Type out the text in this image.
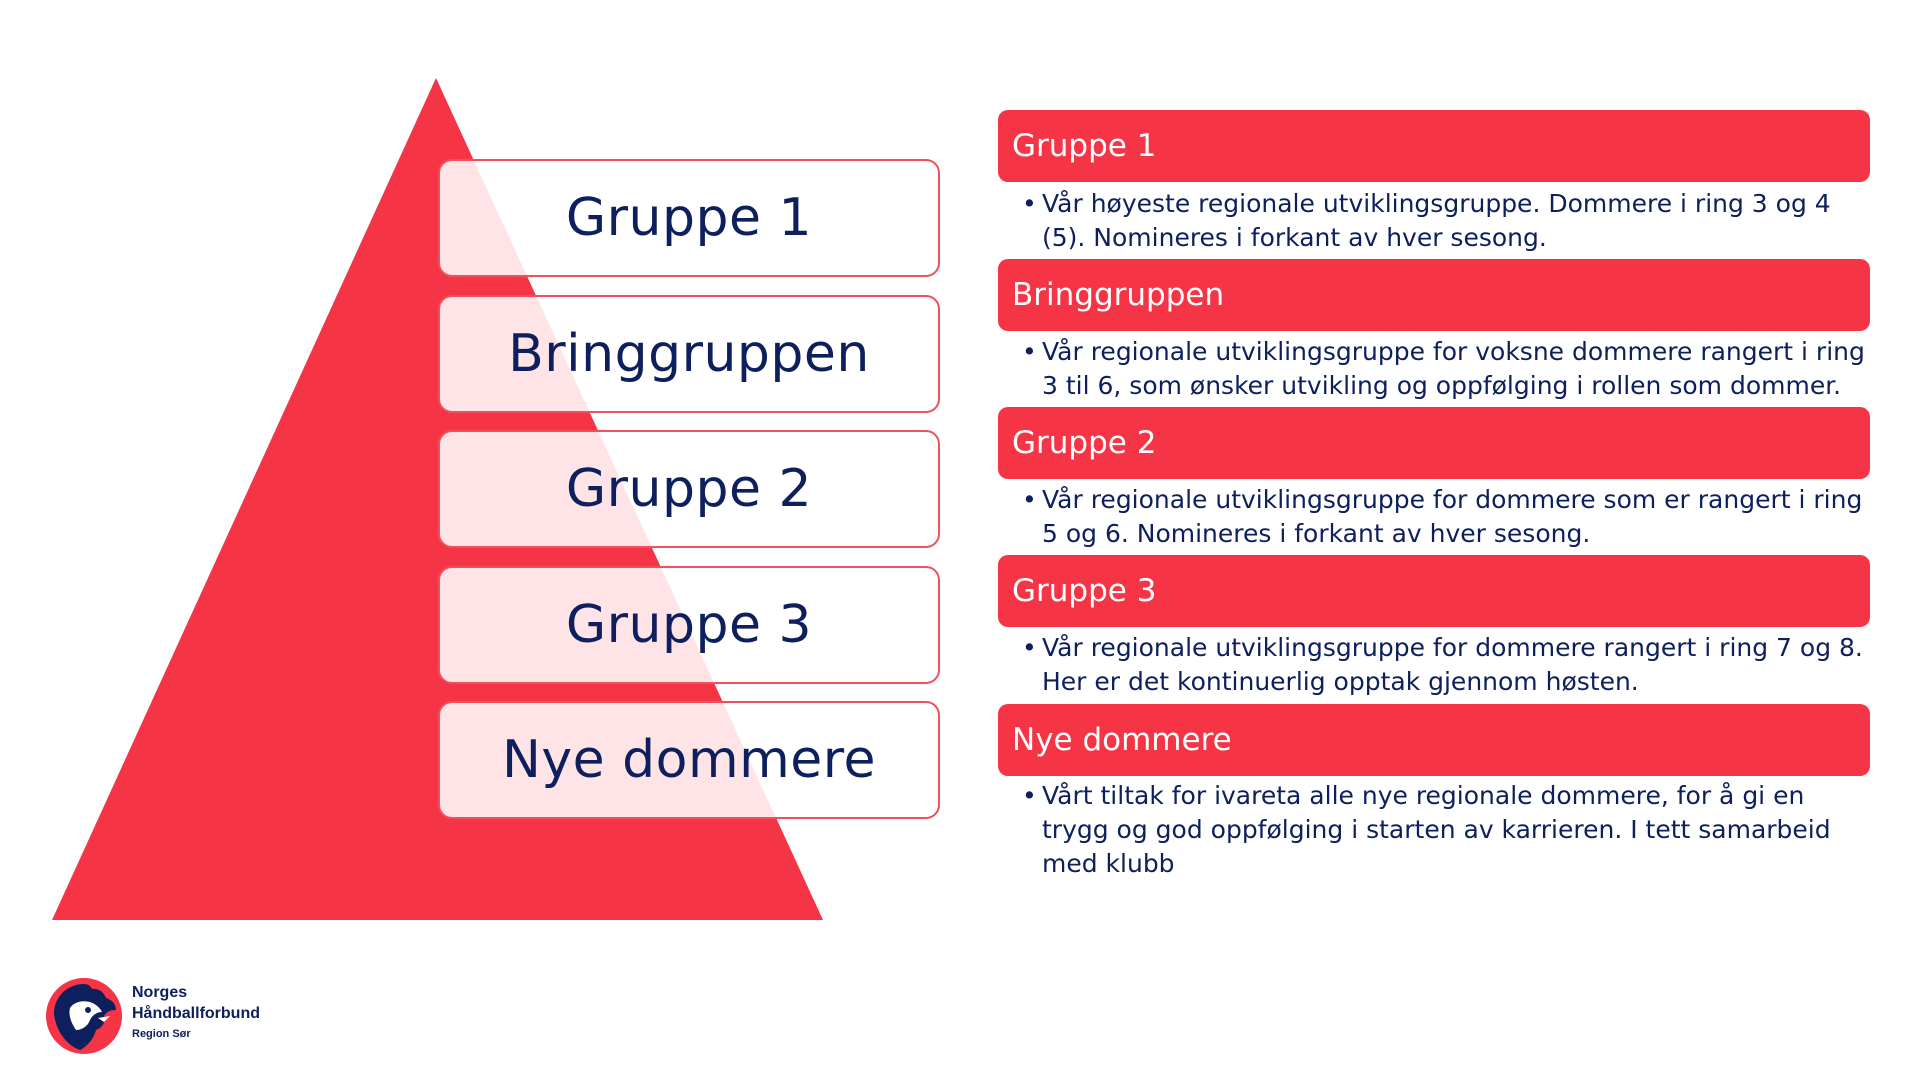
Gruppe 1
Bringgruppen
Gruppe 2
Gruppe 3
Nye dommere
Gruppe 1
• Vår høyeste regionale utviklingsgruppe. Dommere i ring 3 og 4 (5). Nomineres i forkant av hver sesong.
Bringgruppen
• Vår regionale utviklingsgruppe for voksne dommere rangert i ring 3 til 6, som ønsker utvikling og oppfølging i rollen som dommer.
Gruppe 2
• Vår regionale utviklingsgruppe for dommere som er rangert i ring 5 og 6. Nomineres i forkant av hver sesong.
Gruppe 3
• Vår regionale utviklingsgruppe for dommere rangert i ring 7 og 8. Her er det kontinuerlig opptak gjennom høsten.
Nye dommere
• Vårt tiltak for ivareta alle nye regionale dommere, for å gi en trygg og god oppfølging i starten av karrieren. I tett samarbeid med klubb
Norges
Håndballforbund
Region Sør
